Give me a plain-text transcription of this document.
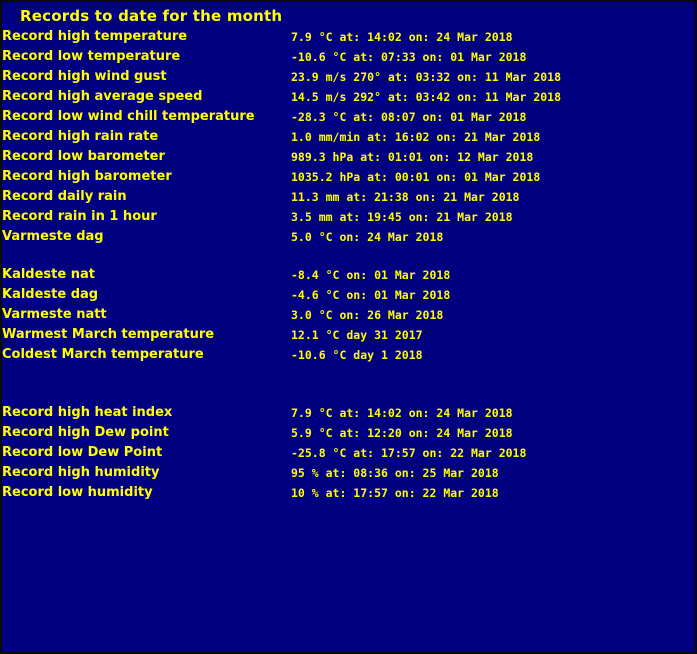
Records to date for the month
Record high temperature	7.9 °C at: 14:02 on: 24 Mar 2018
Record low temperature	-10.6 °C at: 07:33 on: 01 Mar 2018
Record high wind gust	23.9 m/s 270° at: 03:32 on: 11 Mar 2018
Record high average speed	14.5 m/s 292° at: 03:42 on: 11 Mar 2018
Record low wind chill temperature	-28.3 °C at: 08:07 on: 01 Mar 2018
Record high rain rate	1.0 mm/min at: 16:02 on: 21 Mar 2018
Record low barometer	989.3 hPa at: 01:01 on: 12 Mar 2018
Record high barometer	1035.2 hPa at: 00:01 on: 01 Mar 2018
Record daily rain	11.3 mm at: 21:38 on: 21 Mar 2018
Record rain in 1 hour	3.5 mm at: 19:45 on: 21 Mar 2018
Varmeste dag	5.0 °C on: 24 Mar 2018

Kaldeste nat	-8.4 °C on: 01 Mar 2018
Kaldeste dag	-4.6 °C on: 01 Mar 2018
Varmeste natt	3.0 °C on: 26 Mar 2018
Warmest March temperature	12.1 °C day 31 2017
Coldest March temperature	-10.6 °C day 1 2018

Record high heat index	7.9 °C at: 14:02 on: 24 Mar 2018
Record high Dew point	5.9 °C at: 12:20 on: 24 Mar 2018
Record low Dew Point	-25.8 °C at: 17:57 on: 22 Mar 2018
Record high humidity	95 % at: 08:36 on: 25 Mar 2018
Record low humidity	10 % at: 17:57 on: 22 Mar 2018
